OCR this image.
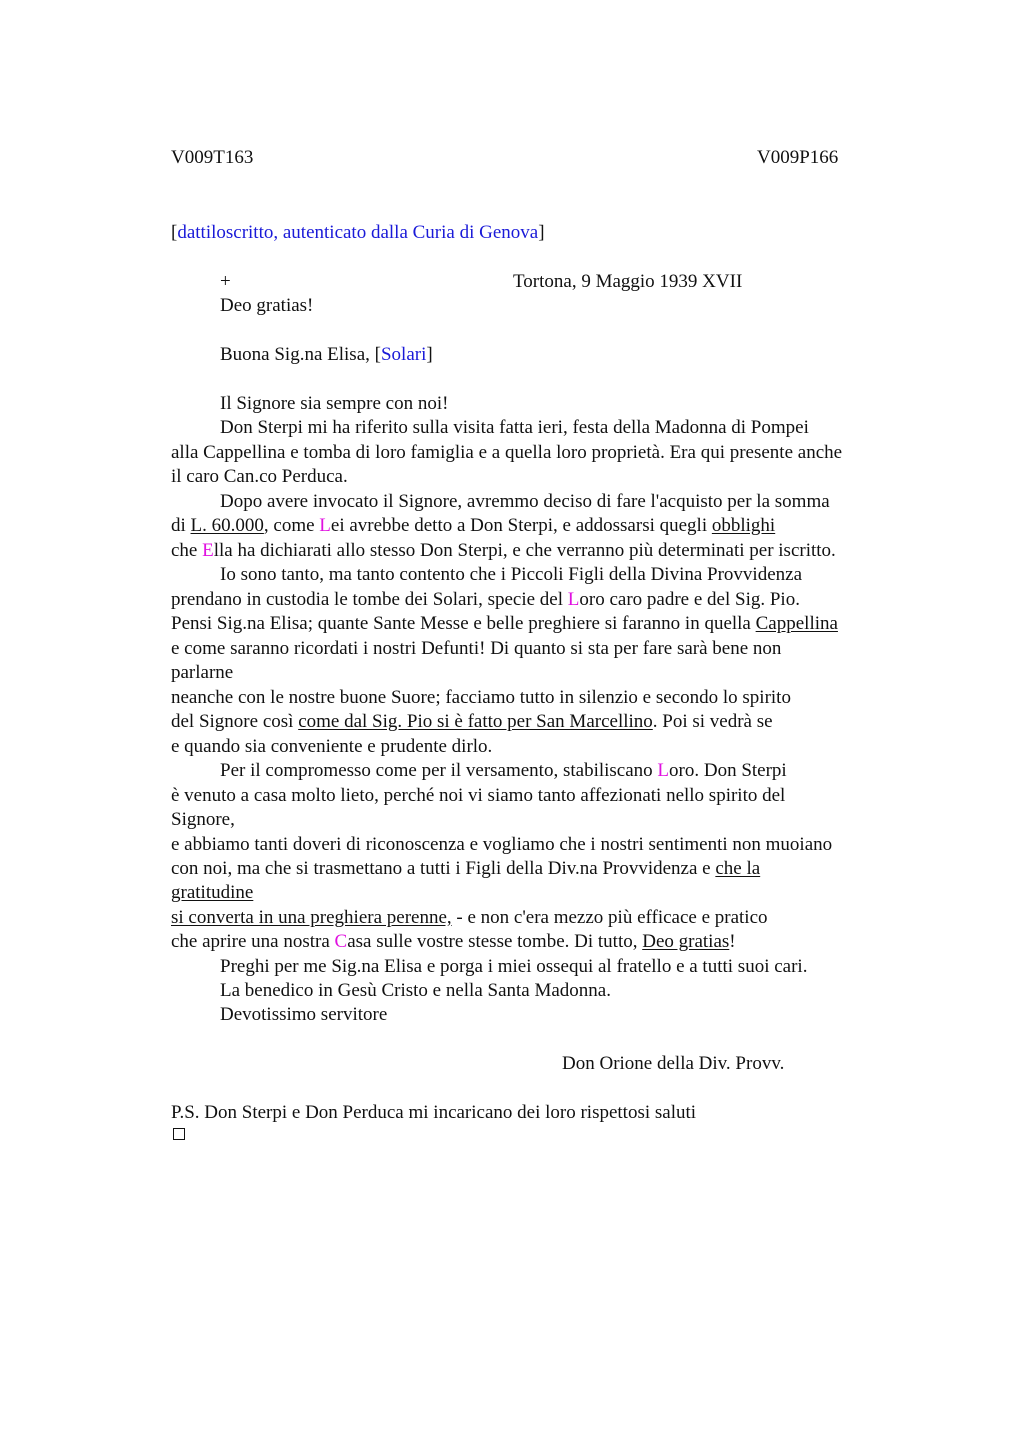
V009T163	V009P166
[dattiloscritto, autenticato dalla Curia di Genova]
+	Tortona, 9 Maggio 1939 XVII
Deo gratias!
Buona Sig.na Elisa, [Solari]
Il Signore sia sempre con noi!
Don Sterpi mi ha riferito sulla visita fatta ieri, festa della Madonna di Pompei
alla Cappellina e tomba di loro famiglia e a quella loro proprietà. Era qui presente anche
il caro Can.co Perduca.
Dopo avere invocato il Signore, avremmo deciso di fare l'acquisto per la somma
di L. 60.000, come Lei avrebbe detto a Don Sterpi, e addossarsi quegli obblighi
che Ella ha dichiarati allo stesso Don Sterpi, e che verranno più determinati per iscritto.
Io sono tanto, ma tanto contento che i Piccoli Figli della Divina Provvidenza
prendano in custodia le tombe dei Solari, specie del Loro caro padre e del Sig. Pio.
Pensi Sig.na Elisa; quante Sante Messe e belle preghiere si faranno in quella Cappellina
e come saranno ricordati i nostri Defunti! Di quanto si sta per fare sarà bene non
parlarne
neanche con le nostre buone Suore; facciamo tutto in silenzio e secondo lo spirito
del Signore così come dal Sig. Pio si è fatto per San Marcellino. Poi si vedrà se
e quando sia conveniente e prudente dirlo.
Per il compromesso come per il versamento, stabiliscano Loro. Don Sterpi
è venuto a casa molto lieto, perché noi vi siamo tanto affezionati nello spirito del
Signore,
e abbiamo tanti doveri di riconoscenza e vogliamo che i nostri sentimenti non muoiano
con noi, ma che si trasmettano a tutti i Figli della Div.na Provvidenza e che la
gratitudine
si converta in una preghiera perenne, - e non c'era mezzo più efficace e pratico
che aprire una nostra Casa sulle vostre stesse tombe. Di tutto, Deo gratias!
Preghi per me Sig.na Elisa e porga i miei ossequi al fratello e a tutti suoi cari.
La benedico in Gesù Cristo e nella Santa Madonna.
Devotissimo servitore
Don Orione della Div. Provv.
P.S. Don Sterpi e Don Perduca mi incaricano dei loro rispettosi saluti
